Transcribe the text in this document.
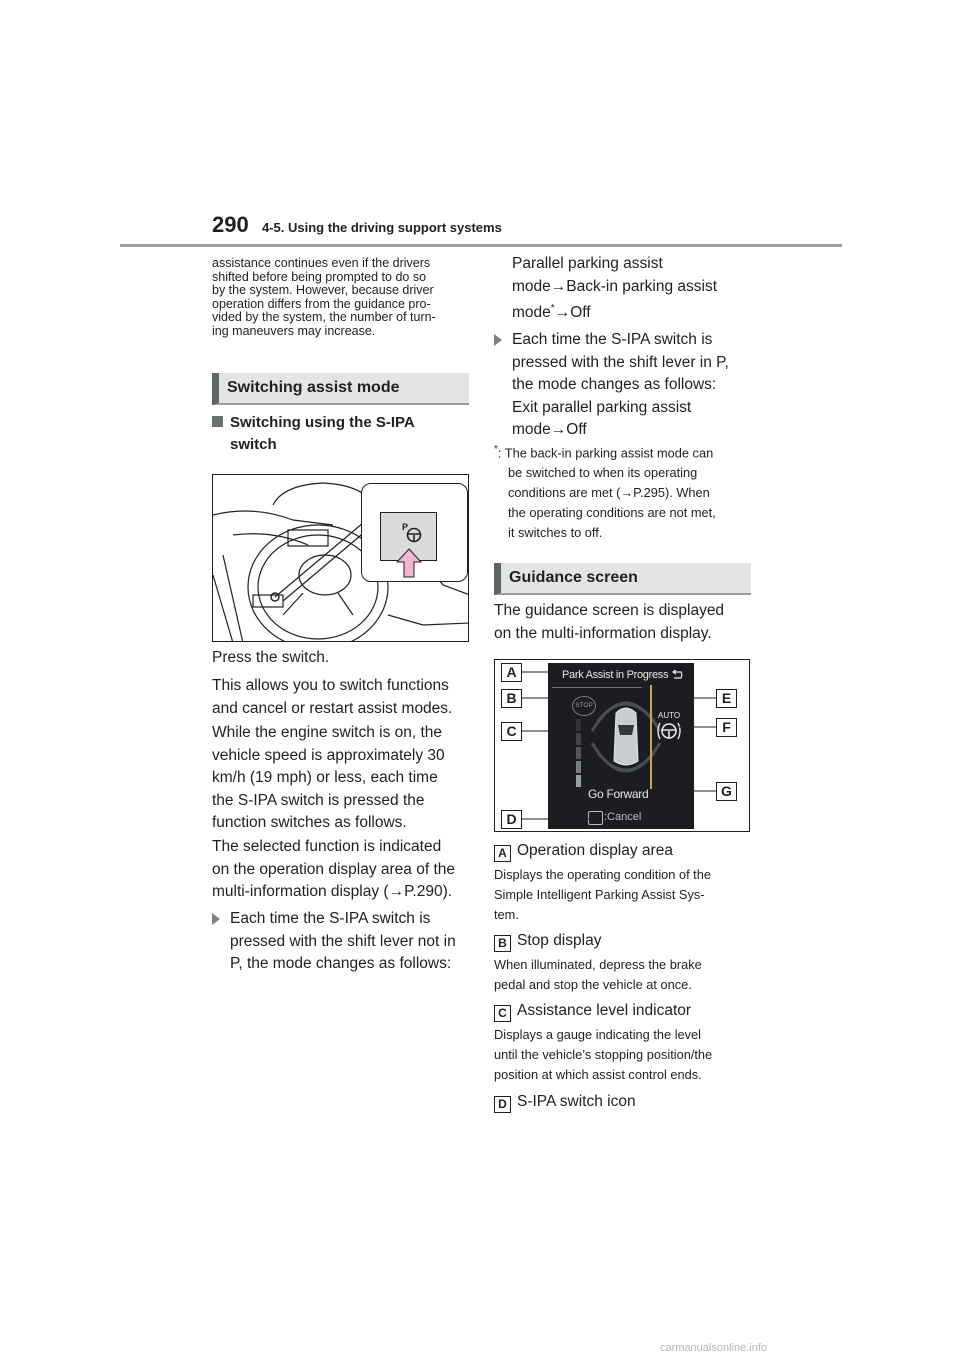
290 4-5. Using the driving support systems
assistance continues even if the drivers
shifted before being prompted to do so
by the system. However, because driver
operation differs from the guidance pro-
vided by the system, the number of turn-
ing maneuvers may increase.
Switching assist mode
Switching using the S-IPA
switch
P
Press the switch.
This allows you to switch functions
and cancel or restart assist modes.
While the engine switch is on, the
vehicle speed is approximately 30
km/h (19 mph) or less, each time
the S-IPA switch is pressed the
function switches as follows.
The selected function is indicated
on the operation display area of the
multi-information display (→P.290).
Each time the S-IPA switch is
pressed with the shift lever not in
P, the mode changes as follows:
Parallel parking assist
mode→Back-in parking assist
mode*→Off
Each time the S-IPA switch is
pressed with the shift lever in P,
the mode changes as follows:
Exit parallel parking assist
mode→Off
*: The back-in parking assist mode can
be switched to when its operating
conditions are met (→P.295). When
the operating conditions are not met,
it switches to off.
Guidance screen
The guidance screen is displayed
on the multi-information display.
Park Assist in Progress
STOP
AUTO
Go Forward
:Cancel
A
B
C
D
E
F
G
A Operation display area
Displays the operating condition of the
Simple Intelligent Parking Assist Sys-
tem.
B Stop display
When illuminated, depress the brake
pedal and stop the vehicle at once.
C Assistance level indicator
Displays a gauge indicating the level
until the vehicle’s stopping position/the
position at which assist control ends.
D S-IPA switch icon
carmanualsonline.info
